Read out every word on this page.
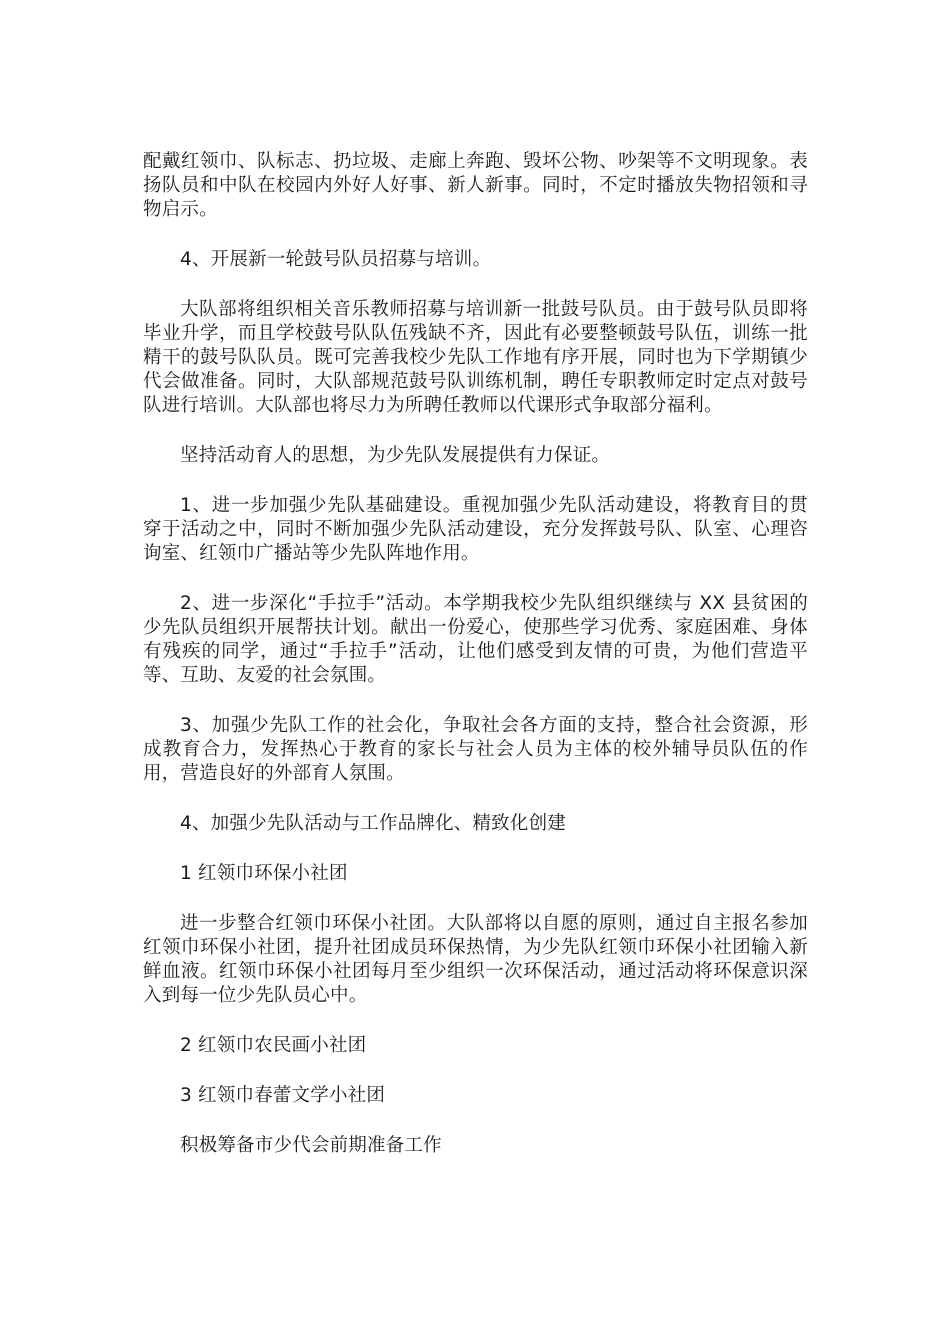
配戴红领巾、队标志、扔垃圾、走廊上奔跑、毁坏公物、吵架等不文明现象。表扬队员和中队在校园内外好人好事、新人新事。同时，不定时播放失物招领和寻物启示。

4、开展新一轮鼓号队员招募与培训。

大队部将组织相关音乐教师招募与培训新一批鼓号队员。由于鼓号队员即将毕业升学，而且学校鼓号队队伍残缺不齐，因此有必要整顿鼓号队伍，训练一批精干的鼓号队队员。既可完善我校少先队工作地有序开展，同时也为下学期镇少代会做准备。同时，大队部规范鼓号队训练机制，聘任专职教师定时定点对鼓号队进行培训。大队部也将尽力为所聘任教师以代课形式争取部分福利。

坚持活动育人的思想，为少先队发展提供有力保证。

1、进一步加强少先队基础建设。重视加强少先队活动建设，将教育目的贯穿于活动之中，同时不断加强少先队活动建设，充分发挥鼓号队、队室、心理咨询室、红领巾广播站等少先队阵地作用。

2、进一步深化“手拉手”活动。本学期我校少先队组织继续与 XX 县贫困的少先队员组织开展帮扶计划。献出一份爱心，使那些学习优秀、家庭困难、身体有残疾的同学，通过“手拉手”活动，让他们感受到友情的可贵，为他们营造平等、互助、友爱的社会氛围。

3、加强少先队工作的社会化，争取社会各方面的支持，整合社会资源，形成教育合力，发挥热心于教育的家长与社会人员为主体的校外辅导员队伍的作用，营造良好的外部育人氛围。

4、加强少先队活动与工作品牌化、精致化创建

1 红领巾环保小社团

进一步整合红领巾环保小社团。大队部将以自愿的原则，通过自主报名参加红领巾环保小社团，提升社团成员环保热情，为少先队红领巾环保小社团输入新鲜血液。红领巾环保小社团每月至少组织一次环保活动，通过活动将环保意识深入到每一位少先队员心中。

2 红领巾农民画小社团

3 红领巾春蕾文学小社团

积极筹备市少代会前期准备工作
